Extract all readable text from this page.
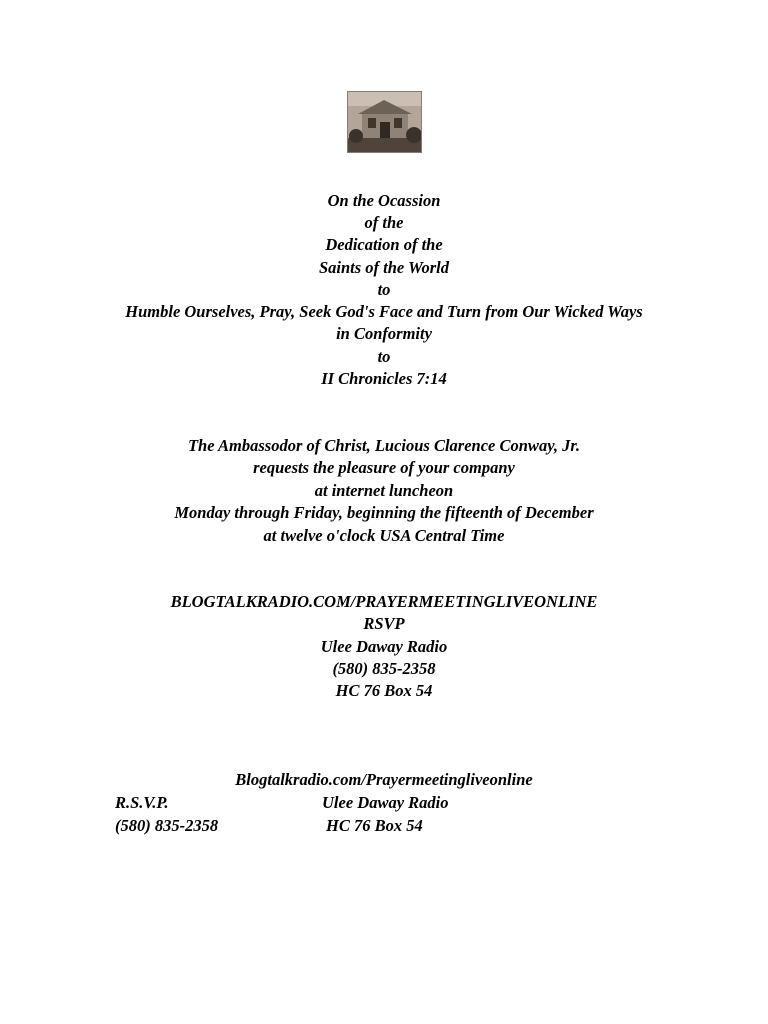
On the Ocassion
of the
Dedication of the
Saints of the World
to
Humble Ourselves, Pray, Seek God's Face and Turn from Our Wicked Ways
in Conformity
to
II Chronicles 7:14
The Ambassodor of Christ, Lucious Clarence Conway, Jr.
requests the pleasure of your company
at internet luncheon
Monday through Friday, beginning the fifteenth of December
at twelve o'clock USA Central Time
BLOGTALKRADIO.COM/PRAYERMEETINGLIVEONLINE
RSVP
Ulee Daway Radio
(580) 835-2358
HC 76 Box 54
Blogtalkradio.com/Prayermeetingliveonline
R.S.V.P.	Ulee Daway Radio
(580) 835-2358	HC 76 Box 54
